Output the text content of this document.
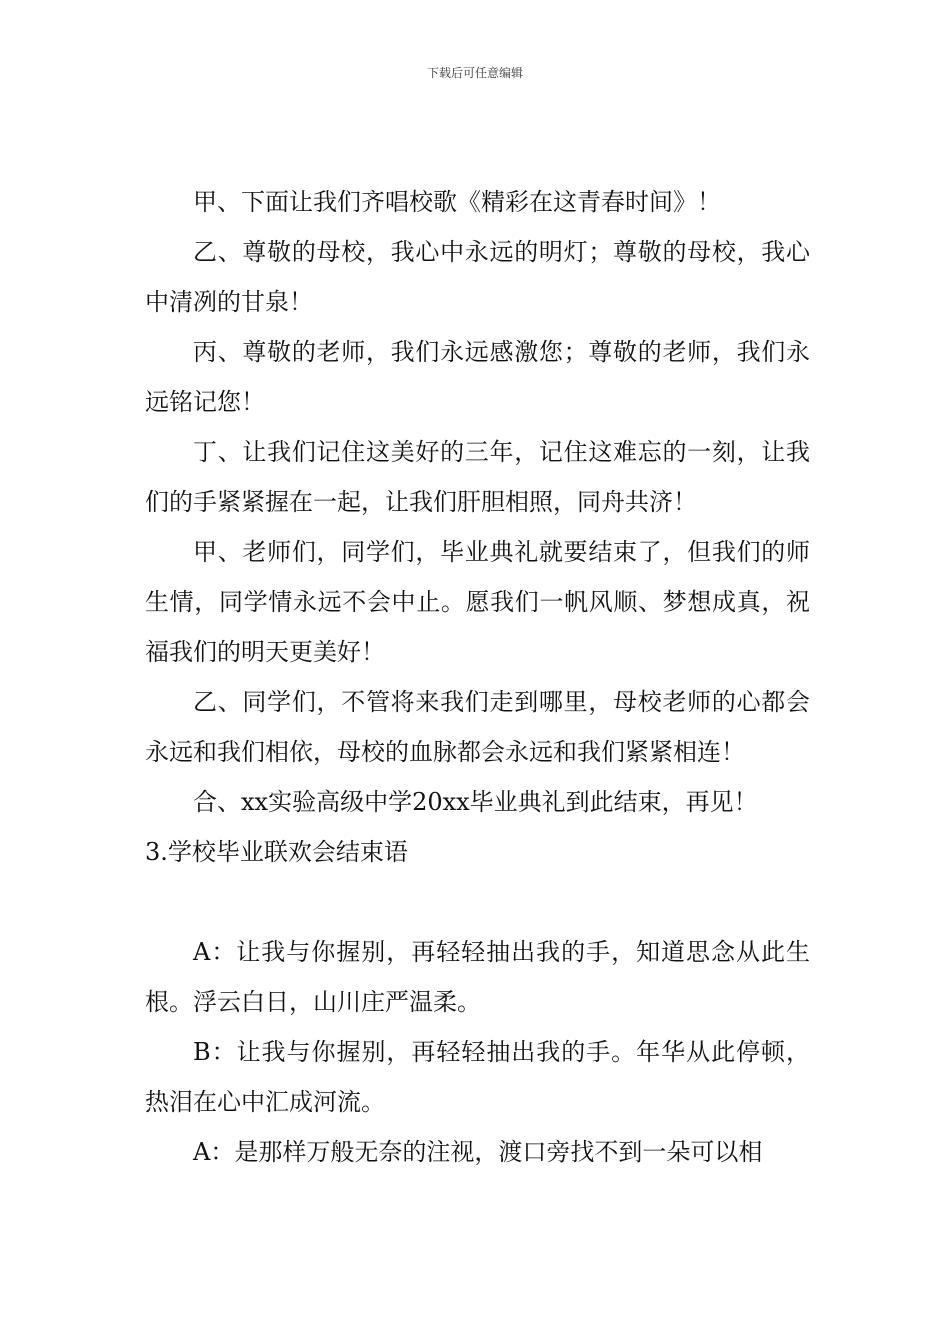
下载后可任意编辑

甲、下面让我们齐唱校歌《精彩在这青春时间》！

乙、尊敬的母校，我心中永远的明灯；尊敬的母校，我心中清冽的甘泉！

丙、尊敬的老师，我们永远感激您；尊敬的老师，我们永远铭记您！

丁、让我们记住这美好的三年，记住这难忘的一刻，让我们的手紧紧握在一起，让我们肝胆相照，同舟共济！

甲、老师们，同学们，毕业典礼就要结束了，但我们的师生情，同学情永远不会中止。愿我们一帆风顺、梦想成真，祝福我们的明天更美好！

乙、同学们，不管将来我们走到哪里，母校老师的心都会永远和我们相依，母校的血脉都会永远和我们紧紧相连！

合、xx实验高级中学20xx毕业典礼到此结束，再见！

3.学校毕业联欢会结束语

A：让我与你握别，再轻轻抽出我的手，知道思念从此生根。浮云白日，山川庄严温柔。

B：让我与你握别，再轻轻抽出我的手。年华从此停顿，热泪在心中汇成河流。

A：是那样万般无奈的注视，渡口旁找不到一朵可以相
